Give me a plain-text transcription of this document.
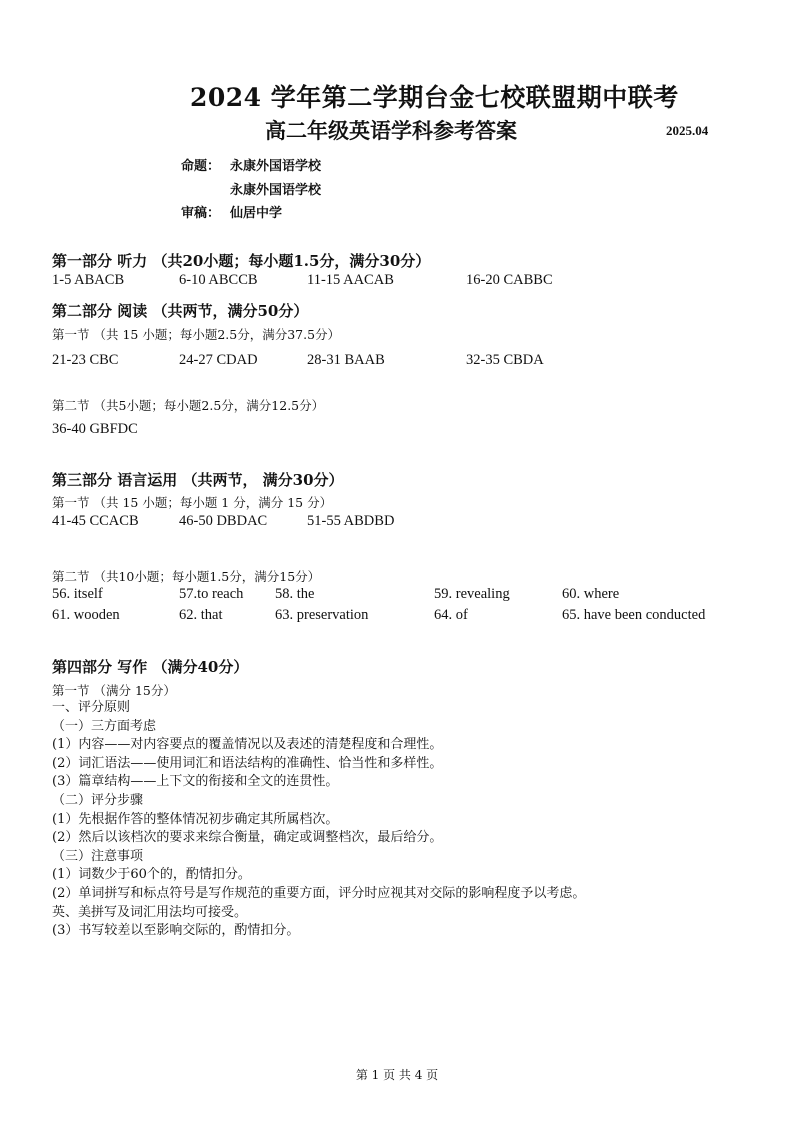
2024 学年第二学期台金七校联盟期中联考
高二年级英语学科参考答案	2025.04
命题： 永康外国语学校
永康外国语学校
审稿： 仙居中学
第一部分 听力 （共20小题；每小题1.5分，满分30分）
1-5 ABACB	6-10 ABCCB	11-15 AACAB	16-20 CABBC
第二部分 阅读 （共两节，满分50分）
第一节 （共 15 小题；每小题2.5分，满分37.5分）
21-23 CBC	24-27 CDAD	28-31 BAAB	32-35 CBDA
第二节 （共5小题；每小题2.5分，满分12.5分）
36-40 GBFDC
第三部分 语言运用 （共两节， 满分30分）
第一节 （共 15 小题；每小题 1 分，满分 15 分）
41-45 CCACB	46-50 DBDAC	51-55 ABDBD
第二节 （共10小题；每小题1.5分，满分15分）
56. itself	57.to reach 58. the	59. revealing	60. where
61. wooden	62. that	63. preservation	64. of	65. have been conducted
第四部分 写作 （满分40分）
第一节 （满分 15分）
一、评分原则
（一）三方面考虑
(1）内容——对内容要点的覆盖情况以及表述的清楚程度和合理性。
(2）词汇语法——使用词汇和语法结构的准确性、恰当性和多样性。
(3）篇章结构——上下文的衔接和全文的连贯性。
（二）评分步骤
(1）先根据作答的整体情况初步确定其所属档次。
(2）然后以该档次的要求来综合衡量，确定或调整档次，最后给分。
（三）注意事项
(1）词数少于60个的，酌情扣分。
(2）单词拼写和标点符号是写作规范的重要方面，评分时应视其对交际的影响程度予以考虑。
英、美拼写及词汇用法均可接受。
(3）书写较差以至影响交际的，酌情扣分。
第 1 页 共 4 页
